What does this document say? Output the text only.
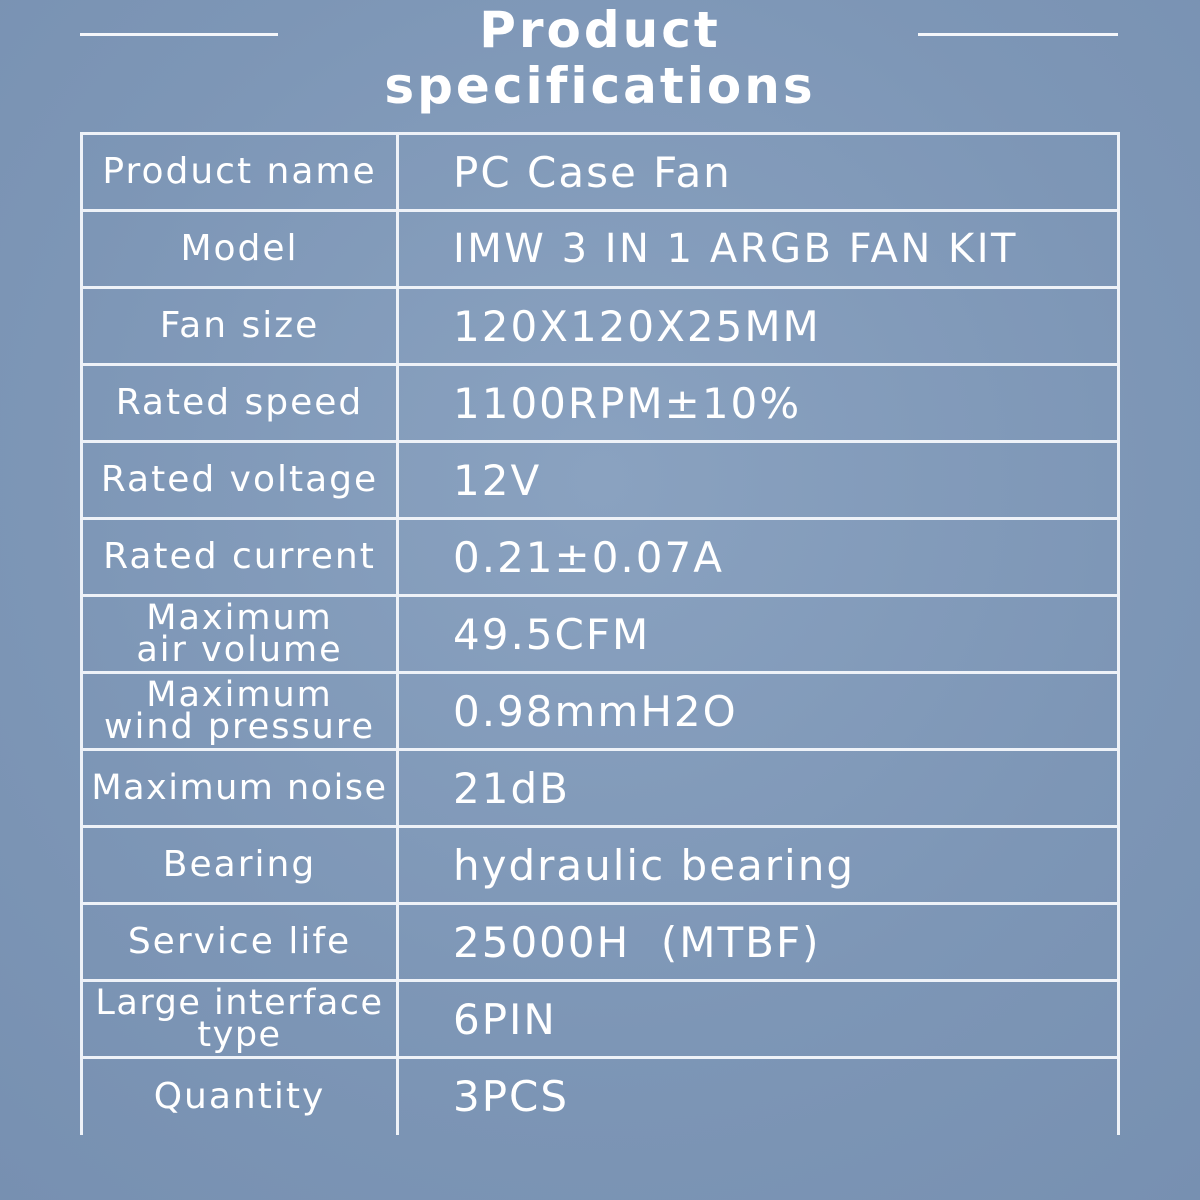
Product specifications
Product name	PC Case Fan
Model	IMW 3 IN 1 ARGB FAN KIT
Fan size	120X120X25MM
Rated speed	1100RPM±10%
Rated voltage	12V
Rated current	0.21±0.07A
Maximum
air volume	49.5CFM
Maximum
wind pressure	0.98mmH2O
Maximum noise	21dB
Bearing	hydraulic bearing
Service life	25000H  (MTBF)
Large interface
type	6PIN
Quantity	3PCS
